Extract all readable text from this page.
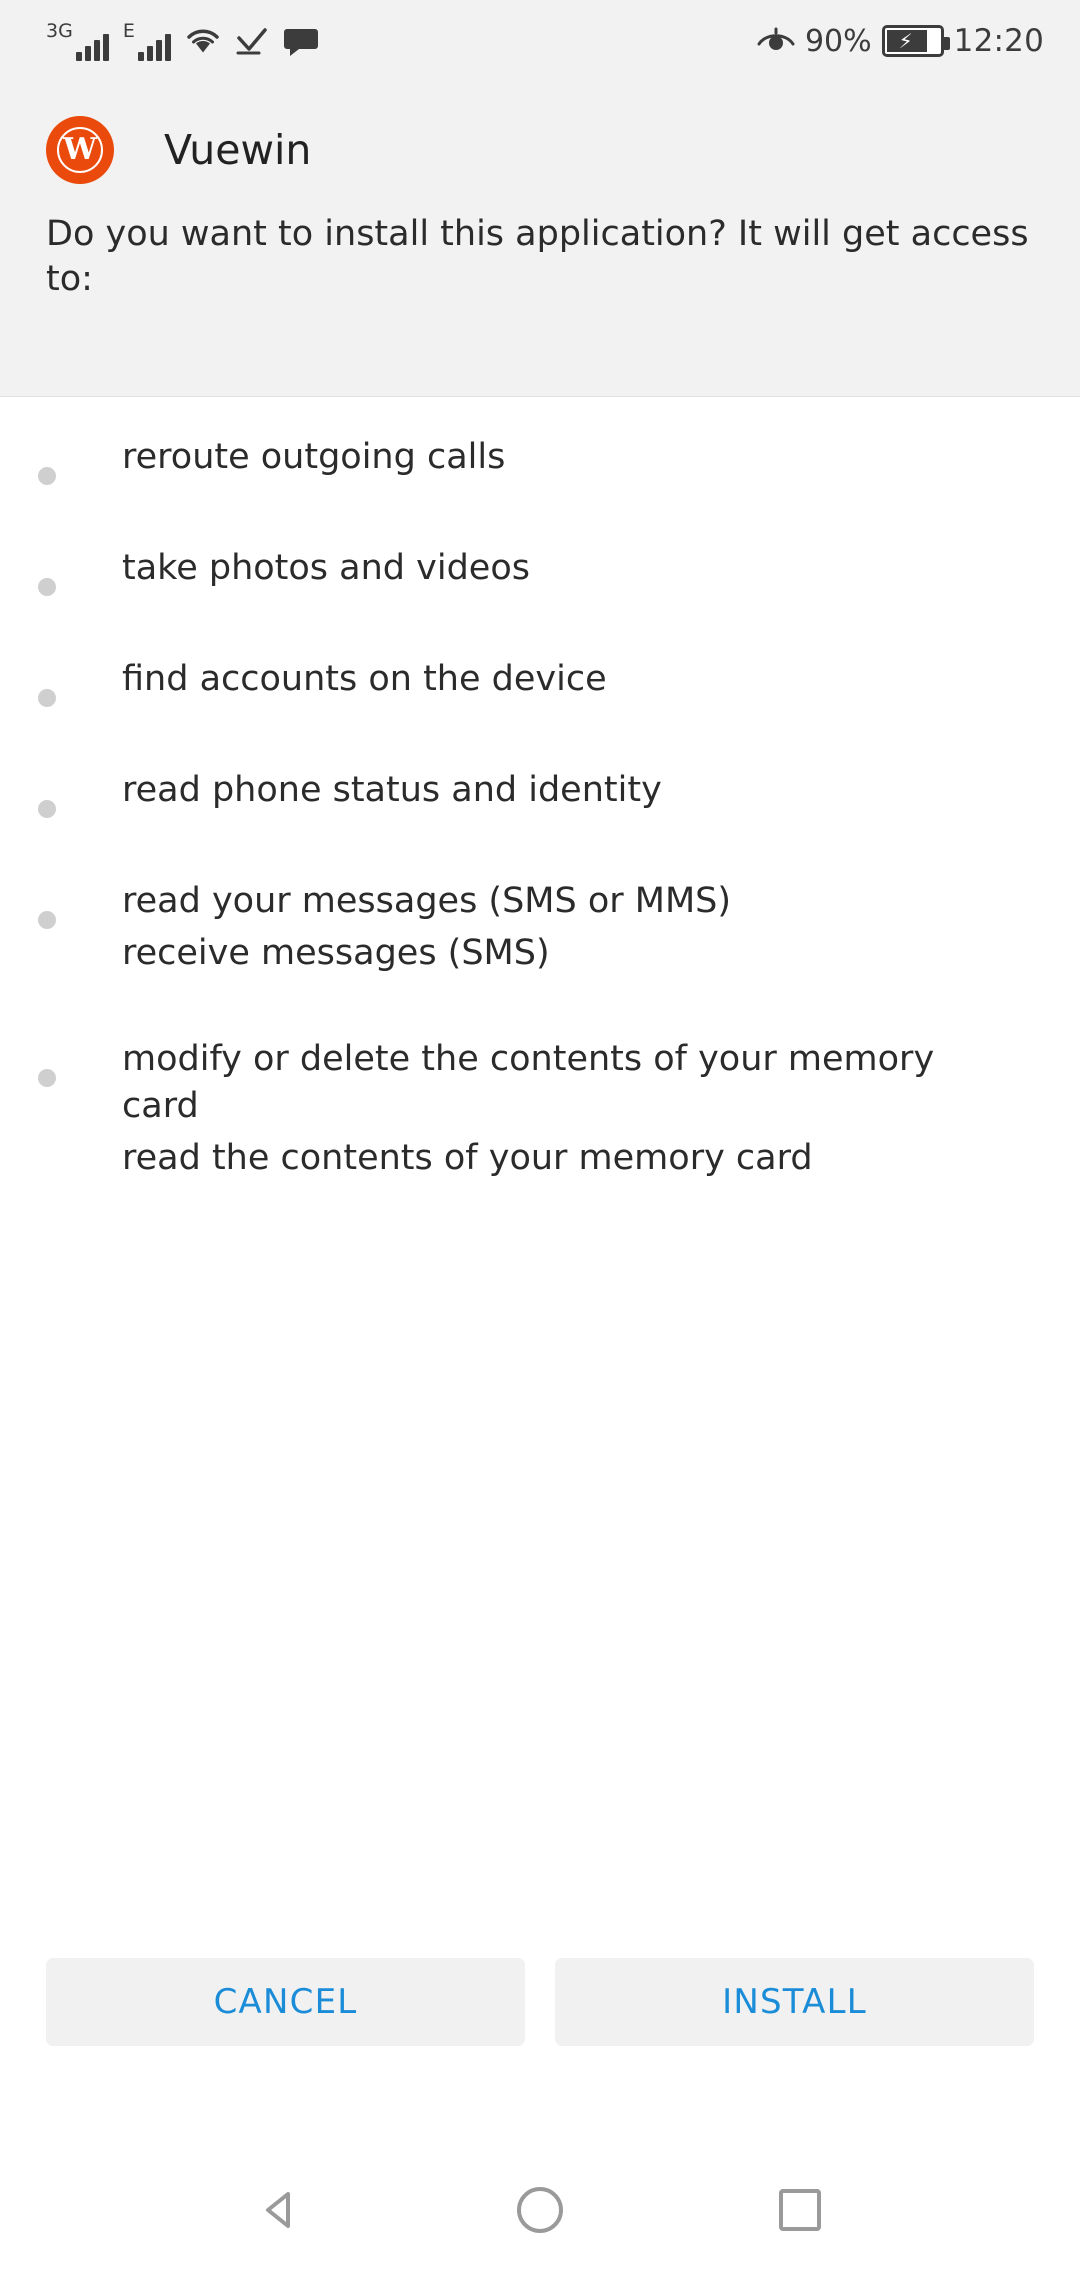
3G	E	90% ⚡ 12:20
W Vuewin
Do you want to install this application? It will get access to:
reroute outgoing calls
take photos and videos
find accounts on the device
read phone status and identity
read your messages (SMS or MMS)
receive messages (SMS)
modify or delete the contents of your memory card
read the contents of your memory card
CANCEL	INSTALL
